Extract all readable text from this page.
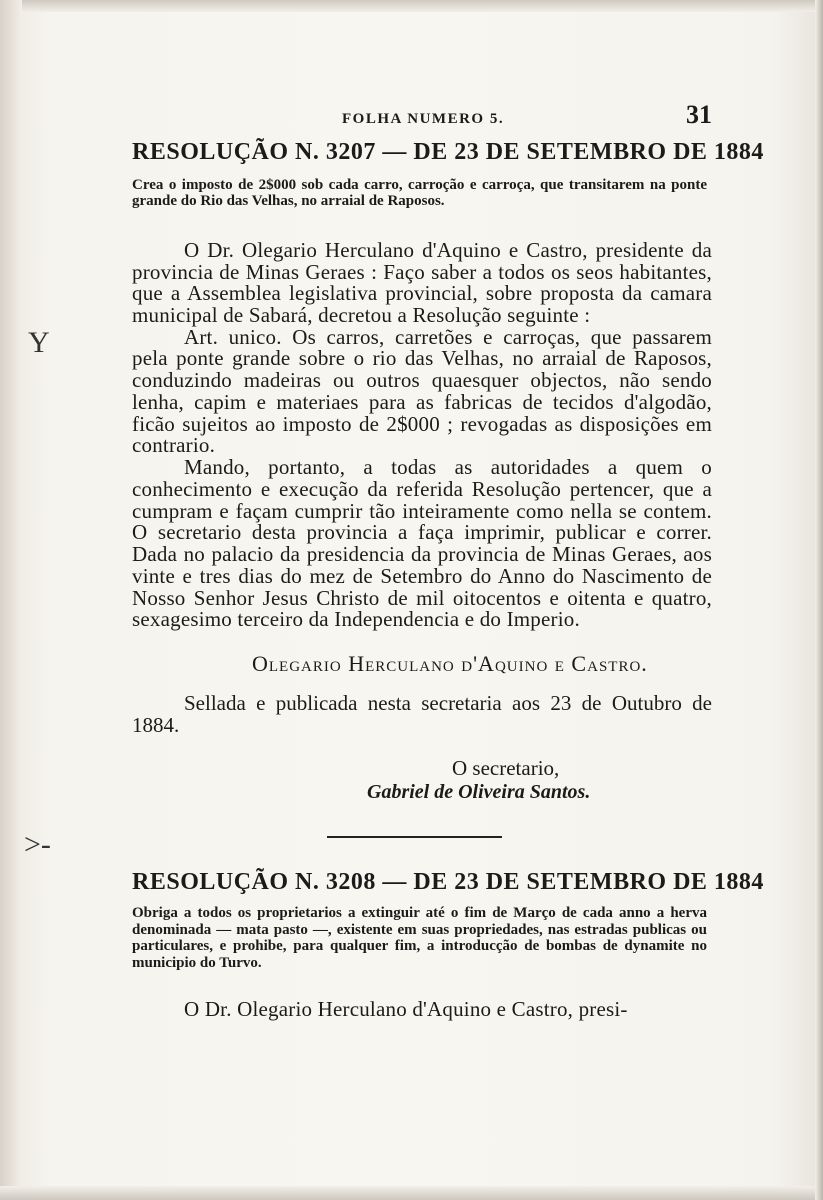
Y
>-
FOLHA NUMERO 5.	31
RESOLUÇÃO N. 3207 — DE 23 DE SETEMBRO DE 1884

Crea o imposto de 2$000 sob cada carro, carroção e carroça, que transitarem na ponte grande do Rio das Velhas, no arraial de Raposos.

O Dr. Olegario Herculano d'Aquino e Castro, presidente da provincia de Minas Geraes : Faço saber a todos os seos habitantes, que a Assemblea legislativa provincial, sobre proposta da camara municipal de Sabará, decretou a Resolução seguinte :

Art. unico. Os carros, carretões e carroças, que passarem pela ponte grande sobre o rio das Velhas, no arraial de Raposos, conduzindo madeiras ou outros quaesquer objectos, não sendo lenha, capim e materiaes para as fabricas de tecidos d'algodão, ficão sujeitos ao imposto de 2$000 ; revogadas as disposições em contrario.

Mando, portanto, a todas as autoridades a quem o conhecimento e execução da referida Resolução pertencer, que a cumpram e façam cumprir tão inteiramente como nella se contem. O secretario desta provincia a faça imprimir, publicar e correr. Dada no palacio da presidencia da provincia de Minas Geraes, aos vinte e tres dias do mez de Setembro do Anno do Nascimento de Nosso Senhor Jesus Christo de mil oitocentos e oitenta e quatro, sexagesimo terceiro da Independencia e do Imperio.

Olegario Herculano d'Aquino e Castro.

Sellada e publicada nesta secretaria aos 23 de Outubro de 1884.

O secretario,

Gabriel de Oliveira Santos.

RESOLUÇÃO N. 3208 — DE 23 DE SETEMBRO DE 1884

Obriga a todos os proprietarios a extinguir até o fim de Março de cada anno a herva denominada — mata pasto —, existente em suas propriedades, nas estradas publicas ou particulares, e prohibe, para qualquer fim, a introducção de bombas de dynamite no municipio do Turvo.

O Dr. Olegario Herculano d'Aquino e Castro, presi-
